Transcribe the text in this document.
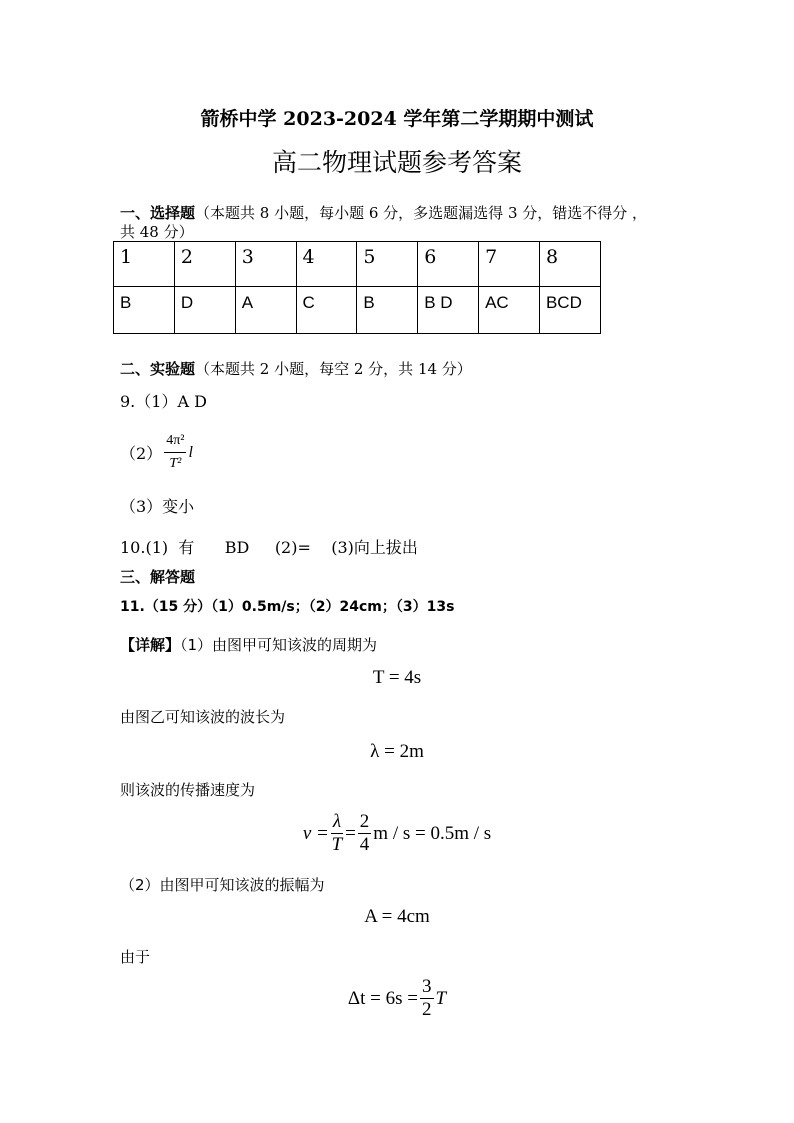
箭桥中学 2023-2024 学年第二学期期中测试
高二物理试题参考答案
一、选择题（本题共 8 小题，每小题 6 分，多选题漏选得 3 分，错选不得分 ，
共 48 分）
1	2	3	4	5	6	7	8
B	D	A	C	B	B D	AC	BCD
二、实验题（本题共 2 小题，每空 2 分，共 14 分）
9.（1）A D
$(2) \frac{\text{4π²}}{\text{T²}}$ l
（3）变小
10.(1)  有      BD     (2)=    (3)向上拔出
三、解答题
11.（15 分）（1）0.5m/s；（2）24cm；（3）13s
【详解】（1）由图甲可知该波的周期为
T = 4s
由图乙可知该波的波长为
λ = 2m
则该波的传播速度为
$v = \frac{\lambda}{T} = \frac{2}{4}$ m / s = 0.5m / s
（2）由图甲可知该波的振幅为
A = 4cm
由于
$\Delta t = 6s = \frac{3}{2}$ T
